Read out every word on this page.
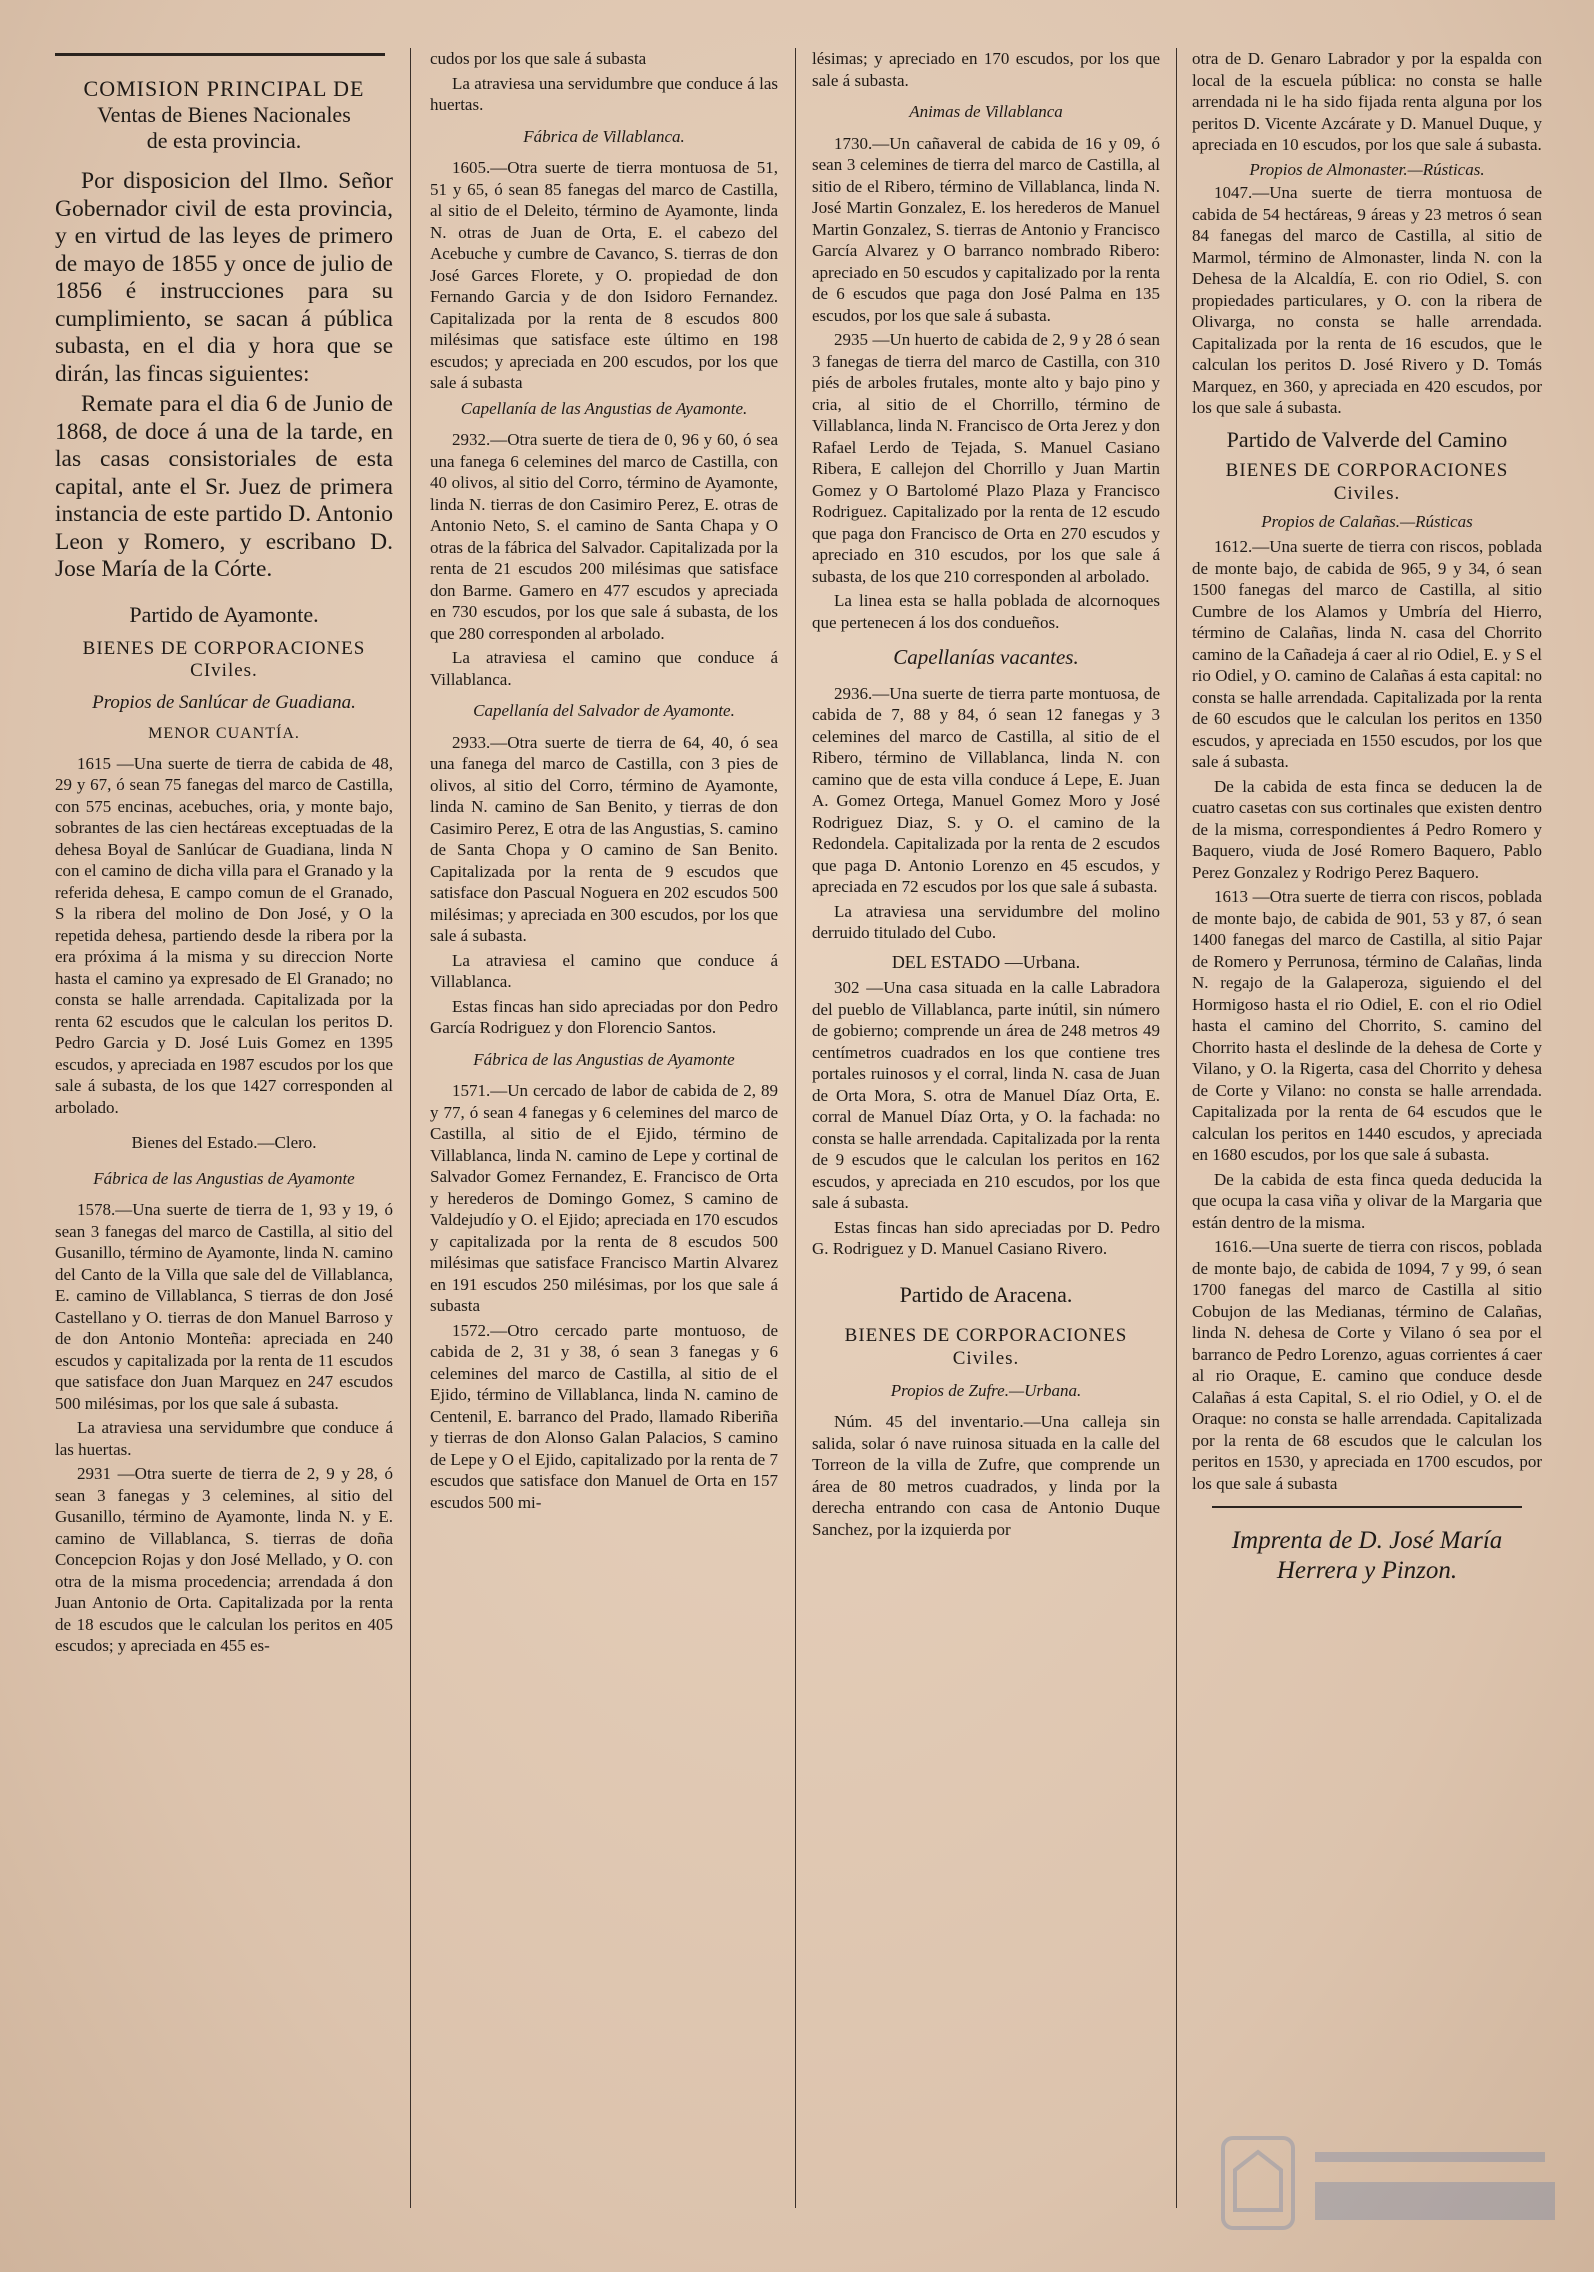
COMISION PRINCIPAL DE
Ventas de Bienes Nacionales
de esta provincia.

Por disposicion del Ilmo. Señor Gobernador civil de esta provincia, y en virtud de las leyes de primero de mayo de 1855 y once de julio de 1856 é instrucciones para su cumplimiento, se sacan á pública subasta, en el dia y hora que se dirán, las fincas siguientes:

Remate para el dia 6 de Junio de 1868, de doce á una de la tarde, en las casas consistoriales de esta capital, ante el Sr. Juez de primera instancia de este partido D. Antonio Leon y Romero, y escribano D. Jose María de la Córte.

Partido de Ayamonte.
BIENES DE CORPORACIONES CIviles.
Propios de Sanlúcar de Guadiana.
MENOR CUANTÍA.

1615 —Una suerte de tierra de cabida de 48, 29 y 67, ó sean 75 fanegas del marco de Castilla, con 575 encinas, acebuches, oria, y monte bajo, sobrantes de las cien hectáreas exceptuadas de la dehesa Boyal de Sanlúcar de Guadiana, linda N con el camino de dicha villa para el Granado y la referida dehesa, E campo comun de el Granado, S la ribera del molino de Don José, y O la repetida dehesa, partiendo desde la ribera por la era próxima á la misma y su direccion Norte hasta el camino ya expresado de El Granado; no consta se halle arrendada. Capitalizada por la renta 62 escudos que le calculan los peritos D. Pedro Garcia y D. José Luis Gomez en 1395 escudos, y apreciada en 1987 escudos por los que sale á subasta, de los que 1427 corresponden al arbolado.

Bienes del Estado.—Clero.
Fábrica de las Angustias de Ayamonte

1578.—Una suerte de tierra de 1, 93 y 19, ó sean 3 fanegas del marco de Castilla, al sitio del Gusanillo, término de Ayamonte, linda N. camino del Canto de la Villa que sale del de Villablanca, E. camino de Villablanca, S tierras de don José Castellano y O. tierras de don Manuel Barroso y de don Antonio Monteña: apreciada en 240 escudos y capitalizada por la renta de 11 escudos que satisface don Juan Marquez en 247 escudos 500 milésimas, por los que sale á subasta.

La atraviesa una servidumbre que conduce á las huertas.

2931 —Otra suerte de tierra de 2, 9 y 28, ó sean 3 fanegas y 3 celemines, al sitio del Gusanillo, término de Ayamonte, linda N. y E. camino de Villablanca, S. tierras de doña Concepcion Rojas y don José Mellado, y O. con otra de la misma procedencia; arrendada á don Juan Antonio de Orta. Capitalizada por la renta de 18 escudos que le calculan los peritos en 405 escudos; y apreciada en 455 es-

cudos por los que sale á subasta

La atraviesa una servidumbre que conduce á las huertas.

Fábrica de Villablanca.

1605.—Otra suerte de tierra montuosa de 51, 51 y 65, ó sean 85 fanegas del marco de Castilla, al sitio de el Deleito, término de Ayamonte, linda N. otras de Juan de Orta, E. el cabezo del Acebuche y cumbre de Cavanco, S. tierras de don José Garces Florete, y O. propiedad de don Fernando Garcia y de don Isidoro Fernandez. Capitalizada por la renta de 8 escudos 800 milésimas que satisface este último en 198 escudos; y apreciada en 200 escudos, por los que sale á subasta

Capellanía de las Angustias de Ayamonte.

2932.—Otra suerte de tiera de 0, 96 y 60, ó sea una fanega 6 celemines del marco de Castilla, con 40 olivos, al sitio del Corro, término de Ayamonte, linda N. tierras de don Casimiro Perez, E. otras de Antonio Neto, S. el camino de Santa Chapa y O otras de la fábrica del Salvador. Capitalizada por la renta de 21 escudos 200 milésimas que satisface don Barme. Gamero en 477 escudos y apreciada en 730 escudos, por los que sale á subasta, de los que 280 corresponden al arbolado.

La atraviesa el camino que conduce á Villablanca.

Capellanía del Salvador de Ayamonte.

2933.—Otra suerte de tierra de 64, 40, ó sea una fanega del marco de Castilla, con 3 pies de olivos, al sitio del Corro, término de Ayamonte, linda N. camino de San Benito, y tierras de don Casimiro Perez, E otra de las Angustias, S. camino de Santa Chopa y O camino de San Benito. Capitalizada por la renta de 9 escudos que satisface don Pascual Noguera en 202 escudos 500 milésimas; y apreciada en 300 escudos, por los que sale á subasta.

La atraviesa el camino que conduce á Villablanca.

Estas fincas han sido apreciadas por don Pedro García Rodriguez y don Florencio Santos.

Fábrica de las Angustias de Ayamonte

1571.—Un cercado de labor de cabida de 2, 89 y 77, ó sean 4 fanegas y 6 celemines del marco de Castilla, al sitio de el Ejido, término de Villablanca, linda N. camino de Lepe y cortinal de Salvador Gomez Fernandez, E. Francisco de Orta y herederos de Domingo Gomez, S camino de Valdejudío y O. el Ejido; apreciada en 170 escudos y capitalizada por la renta de 8 escudos 500 milésimas que satisface Francisco Martin Alvarez en 191 escudos 250 milésimas, por los que sale á subasta

1572.—Otro cercado parte montuoso, de cabida de 2, 31 y 38, ó sean 3 fanegas y 6 celemines del marco de Castilla, al sitio de el Ejido, término de Villablanca, linda N. camino de Centenil, E. barranco del Prado, llamado Riberiña y tierras de don Alonso Galan Palacios, S camino de Lepe y O el Ejido, capitalizado por la renta de 7 escudos que satisface don Manuel de Orta en 157 escudos 500 mi-

lésimas; y apreciado en 170 escudos, por los que sale á subasta.

Animas de Villablanca

1730.—Un cañaveral de cabida de 16 y 09, ó sean 3 celemines de tierra del marco de Castilla, al sitio de el Ribero, término de Villablanca, linda N. José Martin Gonzalez, E. los herederos de Manuel Martin Gonzalez, S. tierras de Antonio y Francisco García Alvarez y O barranco nombrado Ribero: apreciado en 50 escudos y capitalizado por la renta de 6 escudos que paga don José Palma en 135 escudos, por los que sale á subasta.

2935 —Un huerto de cabida de 2, 9 y 28 ó sean 3 fanegas de tierra del marco de Castilla, con 310 piés de arboles frutales, monte alto y bajo pino y cria, al sitio de el Chorrillo, término de Villablanca, linda N. Francisco de Orta Jerez y don Rafael Lerdo de Tejada, S. Manuel Casiano Ribera, E callejon del Chorrillo y Juan Martin Gomez y O Bartolomé Plazo Plaza y Francisco Rodriguez. Capitalizado por la renta de 12 escudo que paga don Francisco de Orta en 270 escudos y apreciado en 310 escudos, por los que sale á subasta, de los que 210 corresponden al arbolado.

La linea esta se halla poblada de alcornoques que pertenecen á los dos condueños.

Capellanías vacantes.

2936.—Una suerte de tierra parte montuosa, de cabida de 7, 88 y 84, ó sean 12 fanegas y 3 celemines del marco de Castilla, al sitio de el Ribero, término de Villablanca, linda N. con camino que de esta villa conduce á Lepe, E. Juan A. Gomez Ortega, Manuel Gomez Moro y José Rodriguez Diaz, S. y O. el camino de la Redondela. Capitalizada por la renta de 2 escudos que paga D. Antonio Lorenzo en 45 escudos, y apreciada en 72 escudos por los que sale á subasta.

La atraviesa una servidumbre del molino derruido titulado del Cubo.

DEL ESTADO —Urbana.

302 —Una casa situada en la calle Labradora del pueblo de Villablanca, parte inútil, sin número de gobierno; comprende un área de 248 metros 49 centímetros cuadrados en los que contiene tres portales ruinosos y el corral, linda N. casa de Juan de Orta Mora, S. otra de Manuel Díaz Orta, E. corral de Manuel Díaz Orta, y O. la fachada: no consta se halle arrendada. Capitalizada por la renta de 9 escudos que le calculan los peritos en 162 escudos, y apreciada en 210 escudos, por los que sale á subasta.

Estas fincas han sido apreciadas por D. Pedro G. Rodriguez y D. Manuel Casiano Rivero.

Partido de Aracena.
BIENES DE CORPORACIONES Civiles.
Propios de Zufre.—Urbana.

Núm. 45 del inventario.—Una calleja sin salida, solar ó nave ruinosa situada en la calle del Torreon de la villa de Zufre, que comprende un área de 80 metros cuadrados, y linda por la derecha entrando con casa de Antonio Duque Sanchez, por la izquierda por

otra de D. Genaro Labrador y por la espalda con local de la escuela pública: no consta se halle arrendada ni le ha sido fijada renta alguna por los peritos D. Vicente Azcárate y D. Manuel Duque, y apreciada en 10 escudos, por los que sale á subasta.

Propios de Almonaster.—Rústicas.

1047.—Una suerte de tierra montuosa de cabida de 54 hectáreas, 9 áreas y 23 metros ó sean 84 fanegas del marco de Castilla, al sitio de Marmol, término de Almonaster, linda N. con la Dehesa de la Alcaldía, E. con rio Odiel, S. con propiedades particulares, y O. con la ribera de Olivarga, no consta se halle arrendada. Capitalizada por la renta de 16 escudos, que le calculan los peritos D. José Rivero y D. Tomás Marquez, en 360, y apreciada en 420 escudos, por los que sale á subasta.

Partido de Valverde del Camino
BIENES DE CORPORACIONES Civiles.
Propios de Calañas.—Rústicas

1612.—Una suerte de tierra con riscos, poblada de monte bajo, de cabida de 965, 9 y 34, ó sean 1500 fanegas del marco de Castilla, al sitio Cumbre de los Alamos y Umbría del Hierro, término de Calañas, linda N. casa del Chorrito camino de la Cañadeja á caer al rio Odiel, E. y S el rio Odiel, y O. camino de Calañas á esta capital: no consta se halle arrendada. Capitalizada por la renta de 60 escudos que le calculan los peritos en 1350 escudos, y apreciada en 1550 escudos, por los que sale á subasta.

De la cabida de esta finca se deducen la de cuatro casetas con sus cortinales que existen dentro de la misma, correspondientes á Pedro Romero y Baquero, viuda de José Romero Baquero, Pablo Perez Gonzalez y Rodrigo Perez Baquero.

1613 —Otra suerte de tierra con riscos, poblada de monte bajo, de cabida de 901, 53 y 87, ó sean 1400 fanegas del marco de Castilla, al sitio Pajar de Romero y Perrunosa, término de Calañas, linda N. regajo de la Galaperoza, siguiendo el del Hormigoso hasta el rio Odiel, E. con el rio Odiel hasta el camino del Chorrito, S. camino del Chorrito hasta el deslinde de la dehesa de Corte y Vilano, y O. la Rigerta, casa del Chorrito y dehesa de Corte y Vilano: no consta se halle arrendada. Capitalizada por la renta de 64 escudos que le calculan los peritos en 1440 escudos, y apreciada en 1680 escudos, por los que sale á subasta.

De la cabida de esta finca queda deducida la que ocupa la casa viña y olivar de la Margaria que están dentro de la misma.

1616.—Una suerte de tierra con riscos, poblada de monte bajo, de cabida de 1094, 7 y 99, ó sean 1700 fanegas del marco de Castilla al sitio Cobujon de las Medianas, término de Calañas, linda N. dehesa de Corte y Vilano ó sea por el barranco de Pedro Lorenzo, aguas corrientes á caer al rio Oraque, E. camino que conduce desde Calañas á esta Capital, S. el rio Odiel, y O. el de Oraque: no consta se halle arrendada. Capitalizada por la renta de 68 escudos que le calculan los peritos en 1530, y apreciada en 1700 escudos, por los que sale á subasta

Imprenta de D. José María
Herrera y Pinzon.
